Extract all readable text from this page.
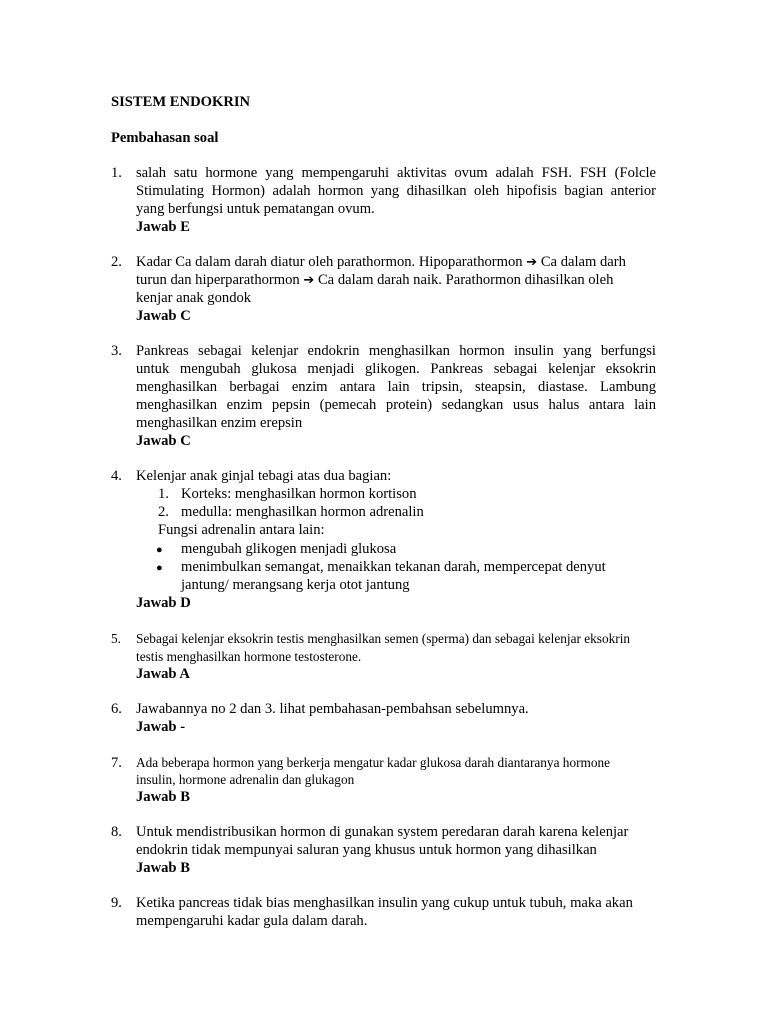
SISTEM ENDOKRIN
Pembahasan soal
1. salah satu hormone yang mempengaruhi aktivitas ovum adalah FSH. FSH (Folcle
Stimulating Hormon) adalah hormon yang dihasilkan oleh hipofisis bagian anterior
yang berfungsi untuk pematangan ovum.
Jawab E
2. Kadar Ca dalam darah diatur oleh parathormon. Hipoparathormon ➔ Ca dalam darh
turun dan hiperparathormon ➔ Ca dalam darah naik. Parathormon dihasilkan oleh
kenjar anak gondok
Jawab C
3. Pankreas sebagai kelenjar endokrin menghasilkan hormon insulin yang berfungsi
untuk mengubah glukosa menjadi glikogen. Pankreas sebagai kelenjar eksokrin
menghasilkan berbagai enzim antara lain tripsin, steapsin, diastase. Lambung
menghasilkan enzim pepsin (pemecah protein) sedangkan usus halus antara lain
menghasilkan enzim erepsin
Jawab C
4. Kelenjar anak ginjal tebagi atas dua bagian:
1. Korteks: menghasilkan hormon kortison
2. medulla: menghasilkan hormon adrenalin
Fungsi adrenalin antara lain:
● mengubah glikogen menjadi glukosa
● menimbulkan semangat, menaikkan tekanan darah, mempercepat denyut
jantung/ merangsang kerja otot jantung
Jawab D
5. Sebagai kelenjar eksokrin testis menghasilkan semen (sperma) dan sebagai kelenjar eksokrin
testis menghasilkan hormone testosterone.
Jawab A
6. Jawabannya no 2 dan 3. lihat pembahasan-pembahsan sebelumnya.
Jawab -
7. Ada beberapa hormon yang berkerja mengatur kadar glukosa darah diantaranya hormone
insulin, hormone adrenalin dan glukagon
Jawab B
8. Untuk mendistribusikan hormon di gunakan system peredaran darah karena kelenjar
endokrin tidak mempunyai saluran yang khusus untuk hormon yang dihasilkan
Jawab B
9. Ketika pancreas tidak bias menghasilkan insulin yang cukup untuk tubuh, maka akan
mempengaruhi kadar gula dalam darah.
